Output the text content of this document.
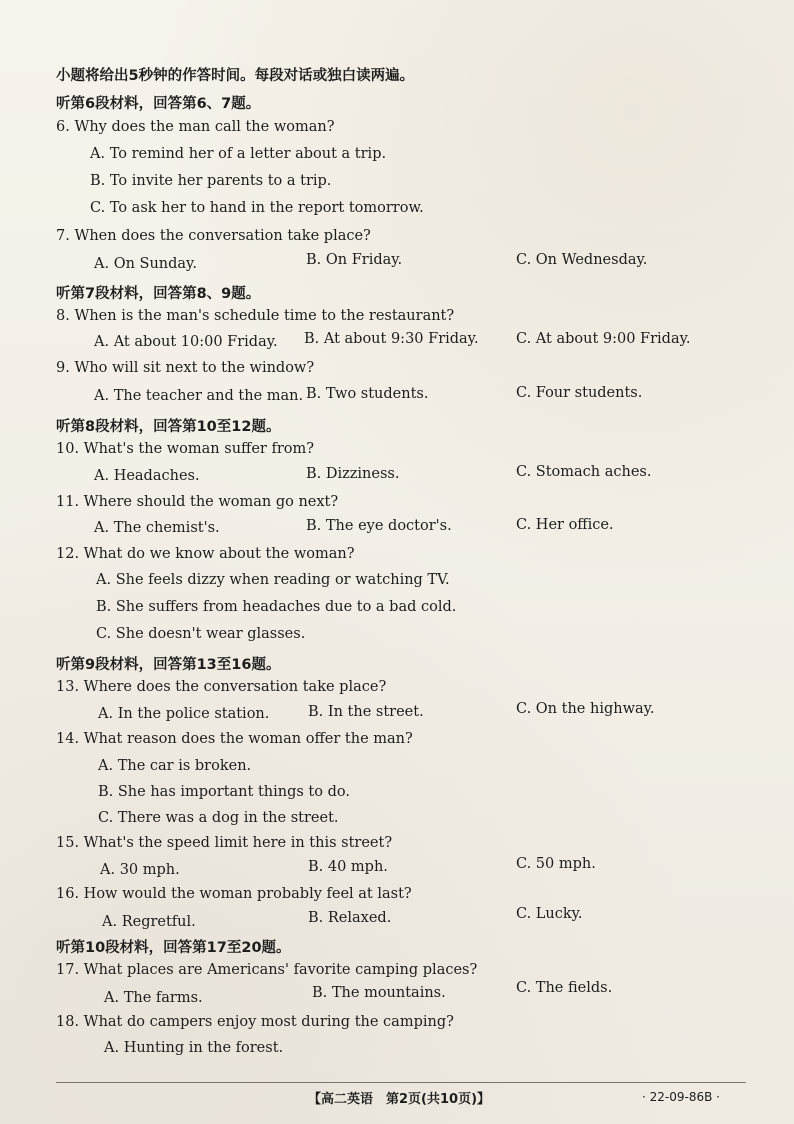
小题将给出5秒钟的作答时间。每段对话或独白读两遍。
听第6段材料，回答第6、7题。
6. Why does the man call the woman?
A. To remind her of a letter about a trip.
B. To invite her parents to a trip.
C. To ask her to hand in the report tomorrow.
7. When does the conversation take place?
A. On Sunday.	B. On Friday.	C. On Wednesday.
听第7段材料，回答第8、9题。
8. When is the man's schedule time to the restaurant?
A. At about 10:00 Friday. B. At about 9:30 Friday.	C. At about 9:00 Friday.
9. Who will sit next to the window?
A. The teacher and the man. B. Two students.	C. Four students.
听第8段材料，回答第10至12题。
10. What's the woman suffer from?
A. Headaches.	B. Dizziness.	C. Stomach aches.
11. Where should the woman go next?
A. The chemist's.	B. The eye doctor's.	C. Her office.
12. What do we know about the woman?
A. She feels dizzy when reading or watching TV.
B. She suffers from headaches due to a bad cold.
C. She doesn't wear glasses.
听第9段材料，回答第13至16题。
13. Where does the conversation take place?
A. In the police station.	B. In the street.	C. On the highway.
14. What reason does the woman offer the man?
A. The car is broken.
B. She has important things to do.
C. There was a dog in the street.
15. What's the speed limit here in this street?
A. 30 mph.	B. 40 mph.	C. 50 mph.
16. How would the woman probably feel at last?
A. Regretful.	B. Relaxed.	C. Lucky.
听第10段材料，回答第17至20题。
17. What places are Americans' favorite camping places?
A. The farms.	B. The mountains.	C. The fields.
18. What do campers enjoy most during the camping?
A. Hunting in the forest.
【高二英语　第2页(共10页)】	· 22-09-86B ·
